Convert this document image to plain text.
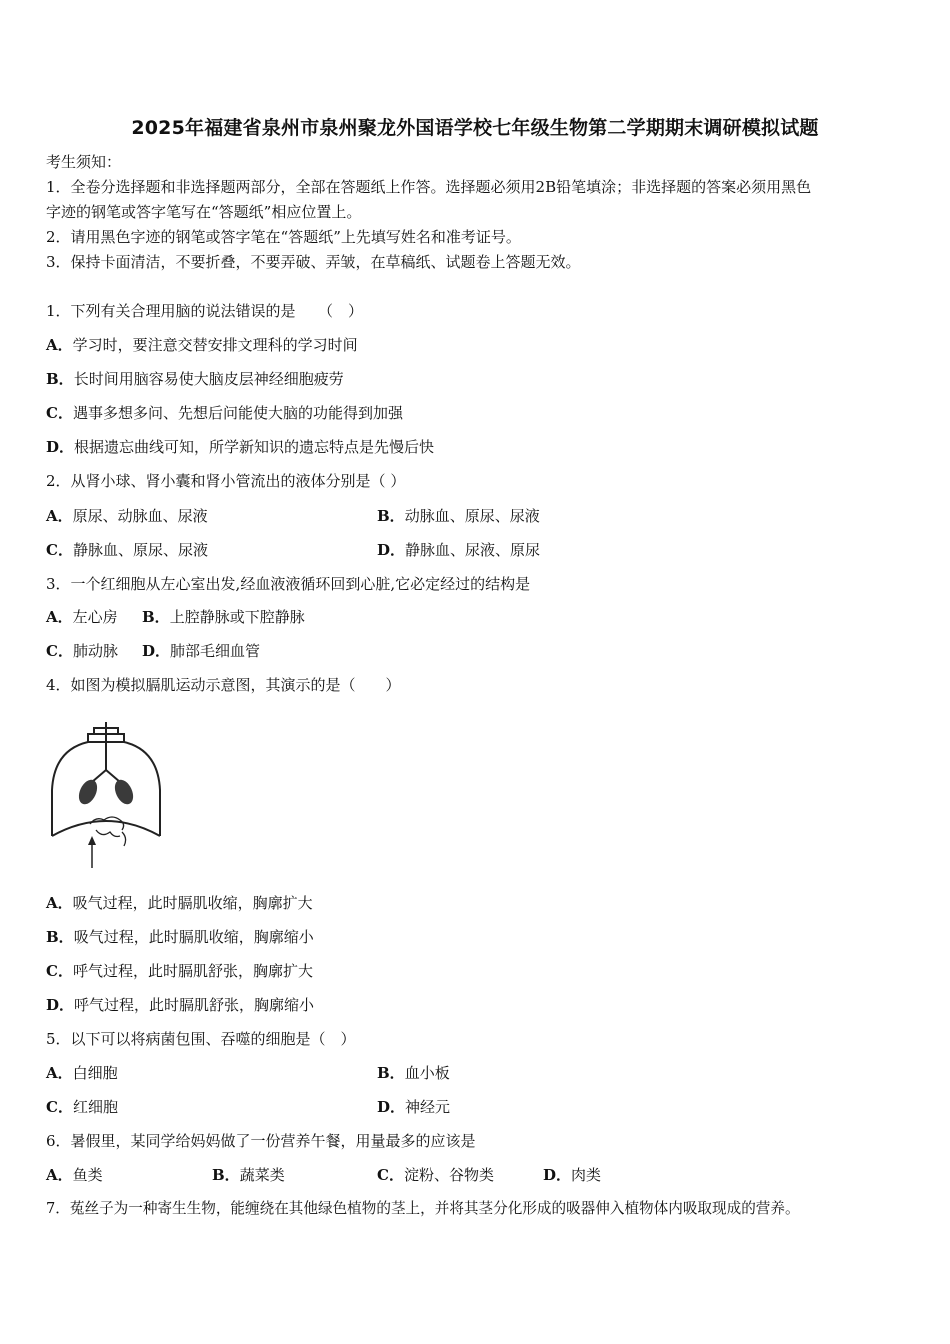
2025年福建省泉州市泉州聚龙外国语学校七年级生物第二学期期末调研模拟试题
考生须知：
1．全卷分选择题和非选择题两部分，全部在答题纸上作答。选择题必须用2B铅笔填涂；非选择题的答案必须用黑色
字迹的钢笔或答字笔写在“答题纸”相应位置上。
2．请用黑色字迹的钢笔或答字笔在“答题纸”上先填写姓名和准考证号。
3．保持卡面清洁，不要折叠，不要弄破、弄皱，在草稿纸、试题卷上答题无效。
1．下列有关合理用脑的说法错误的是　　（　）
A．学习时，要注意交替安排文理科的学习时间
B．长时间用脑容易使大脑皮层神经细胞疲劳
C．遇事多想多问、先想后问能使大脑的功能得到加强
D．根据遗忘曲线可知，所学新知识的遗忘特点是先慢后快
2．从肾小球、肾小囊和肾小管流出的液体分别是（ ）
A．原尿、动脉血、尿液	B．动脉血、原尿、尿液
C．静脉血、原尿、尿液	D．静脉血、尿液、原尿
3．一个红细胞从左心室出发,经血液液循环回到心脏,它必定经过的结构是
A．左心房 B．上腔静脉或下腔静脉
C．肺动脉 D．肺部毛细血管
4．如图为模拟膈肌运动示意图，其演示的是（　　）
A．吸气过程，此时膈肌收缩，胸廓扩大
B．吸气过程，此时膈肌收缩，胸廓缩小
C．呼气过程，此时膈肌舒张，胸廓扩大
D．呼气过程，此时膈肌舒张，胸廓缩小
5．以下可以将病菌包围、吞噬的细胞是（　）
A．白细胞	B．血小板
C．红细胞	D．神经元
6．暑假里，某同学给妈妈做了一份营养午餐，用量最多的应该是
A．鱼类	B．蔬菜类	C．淀粉、谷物类	D．肉类
7．菟丝子为一种寄生生物，能缠绕在其他绿色植物的茎上，并将其茎分化形成的吸器伸入植物体内吸取现成的营养。
